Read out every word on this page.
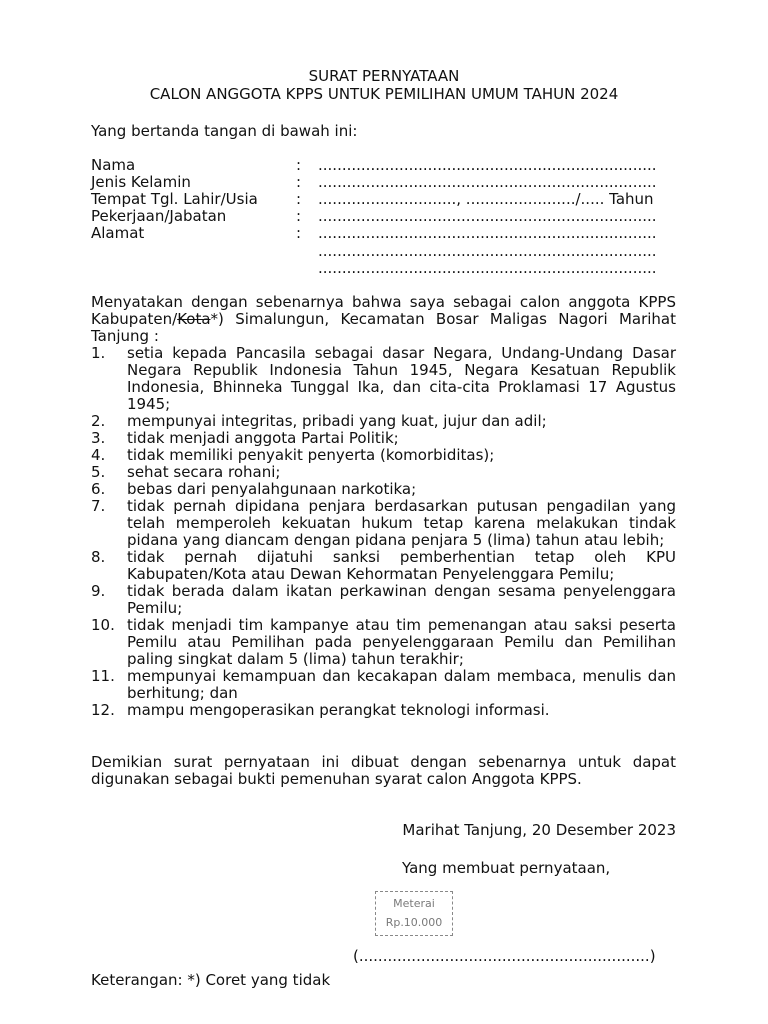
SURAT PERNYATAAN
CALON ANGGOTA KPPS UNTUK PEMILIHAN UMUM TAHUN 2024
Yang bertanda tangan di bawah ini:
Nama	: .......................................................................
Jenis Kelamin	: .......................................................................
Tempat Tgl. Lahir/Usia	: ............................., ......................./..... Tahun
Pekerjaan/Jabatan	: .......................................................................
Alamat	: .......................................................................
.......................................................................
.......................................................................
Menyatakan dengan sebenarnya bahwa saya sebagai calon anggota KPPS Kabupaten/Kota*) Simalungun, Kecamatan Bosar Maligas Nagori Marihat Tanjung :
1. setia kepada Pancasila sebagai dasar Negara, Undang-Undang Dasar Negara Republik Indonesia Tahun 1945, Negara Kesatuan Republik Indonesia, Bhinneka Tunggal Ika, dan cita-cita Proklamasi 17 Agustus 1945;
2. mempunyai integritas, pribadi yang kuat, jujur dan adil;
3. tidak menjadi anggota Partai Politik;
4. tidak memiliki penyakit penyerta (komorbiditas);
5. sehat secara rohani;
6. bebas dari penyalahgunaan narkotika;
7. tidak pernah dipidana penjara berdasarkan putusan pengadilan yang telah memperoleh kekuatan hukum tetap karena melakukan tindak pidana yang diancam dengan pidana penjara 5 (lima) tahun atau lebih;
8. tidak pernah dijatuhi sanksi pemberhentian tetap oleh KPU Kabupaten/Kota atau Dewan Kehormatan Penyelenggara Pemilu;
9. tidak berada dalam ikatan perkawinan dengan sesama penyelenggara Pemilu;
10. tidak menjadi tim kampanye atau tim pemenangan atau saksi peserta Pemilu atau Pemilihan pada penyelenggaraan Pemilu dan Pemilihan paling singkat dalam 5 (lima) tahun terakhir;
11. mempunyai kemampuan dan kecakapan dalam membaca, menulis dan berhitung; dan
12. mampu mengoperasikan perangkat teknologi informasi.
Demikian surat pernyataan ini dibuat dengan sebenarnya untuk dapat digunakan sebagai bukti pemenuhan syarat calon Anggota KPPS.
Marihat Tanjung, 20 Desember 2023
Yang membuat pernyataan,
Meterai
Rp.10.000
(.............................................................)
Keterangan: *) Coret yang tidak
